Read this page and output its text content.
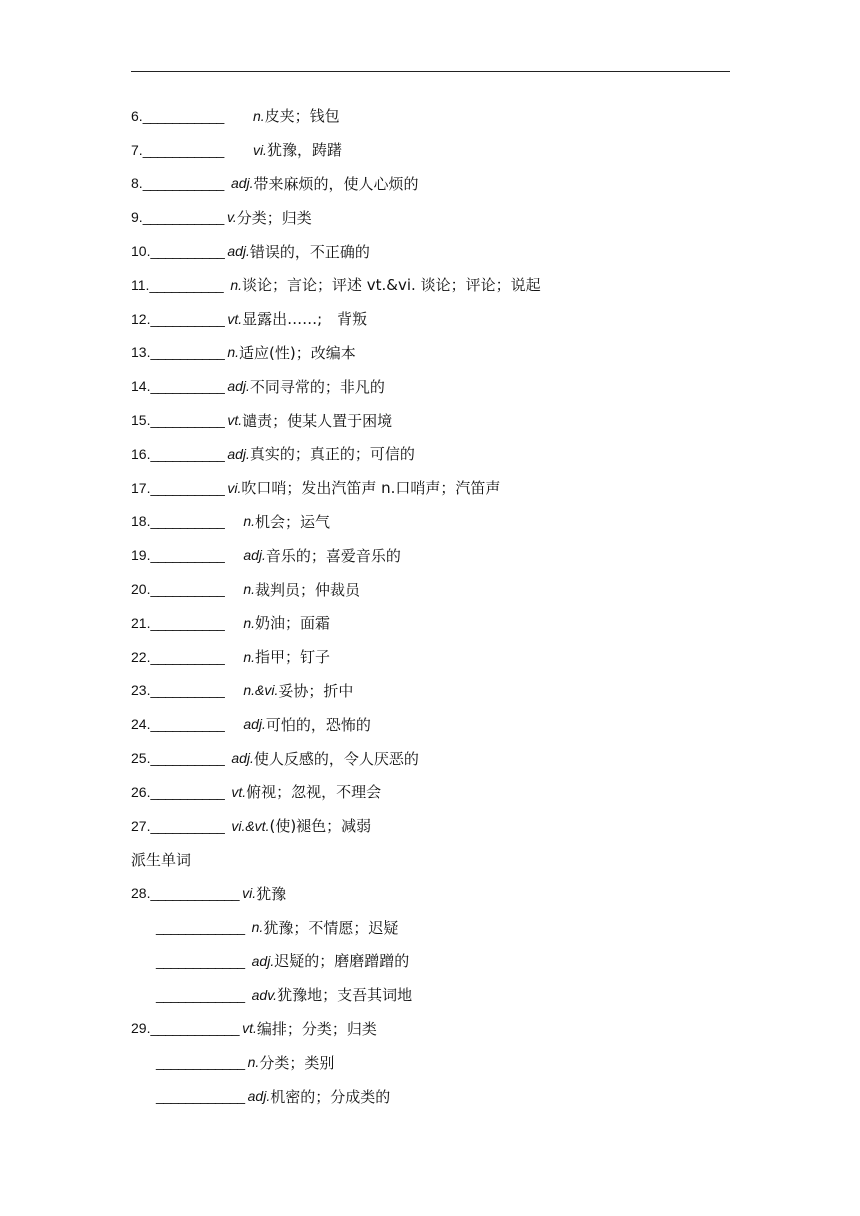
6. ___________ n. 皮夹；钱包
7. ___________ vi. 犹豫，踌躇
8. ___________ adj. 带来麻烦的，使人心烦的
9. ___________ v. 分类；归类
10. __________ adj. 错误的，不正确的
11. __________ n. 谈论；言论；评述 vt.&vi. 谈论；评论；说起
12. __________ vt. 显露出……;　背叛
13. __________ n. 适应(性)；改编本
14. __________ adj. 不同寻常的；非凡的
15. __________ vt. 谴责；使某人置于困境
16. __________ adj. 真实的；真正的；可信的
17. __________ vi. 吹口哨；发出汽笛声 n.口哨声；汽笛声
18. __________ n. 机会；运气
19. __________ adj. 音乐的；喜爱音乐的
20. __________ n. 裁判员；仲裁员
21. __________ n. 奶油；面霜
22. __________ n. 指甲；钉子
23. __________ n.&vi. 妥协；折中
24. __________ adj. 可怕的，恐怖的
25. __________ adj. 使人反感的，令人厌恶的
26. __________ vt. 俯视；忽视，不理会
27. __________ vi.&vt. (使)褪色；减弱
派生单词
28. ____________ vi. 犹豫
____________ n. 犹豫；不情愿；迟疑
____________ adj. 迟疑的；磨磨蹭蹭的
____________ adv. 犹豫地；支吾其词地
29. ____________ vt. 编排；分类；归类
____________ n. 分类；类别
____________ adj. 机密的；分成类的
